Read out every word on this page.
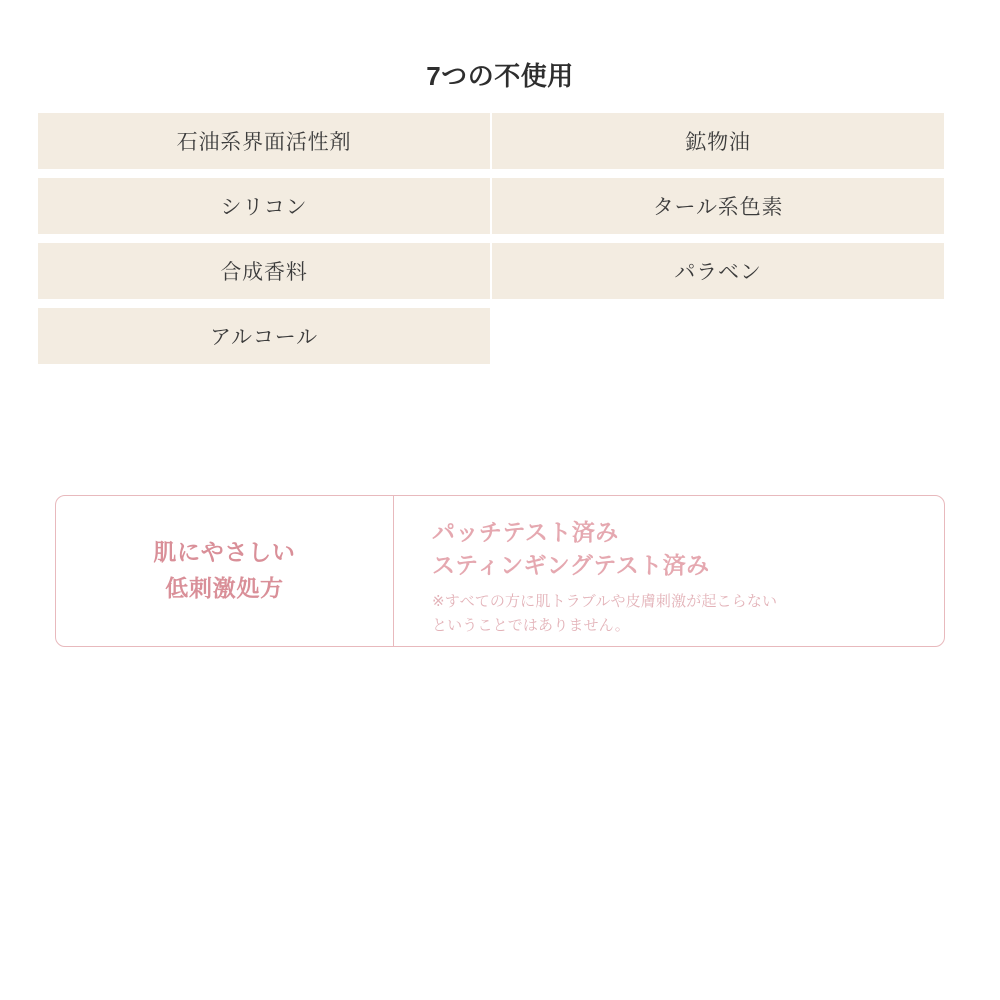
7つの不使用
石油系界面活性剤	鉱物油
シリコン	タール系色素
合成香料	パラベン
アルコール
肌にやさしい
低刺激処方
パッチテスト済み
スティンギングテスト済み
※すべての方に肌トラブルや皮膚刺激が起こらない
ということではありません。
